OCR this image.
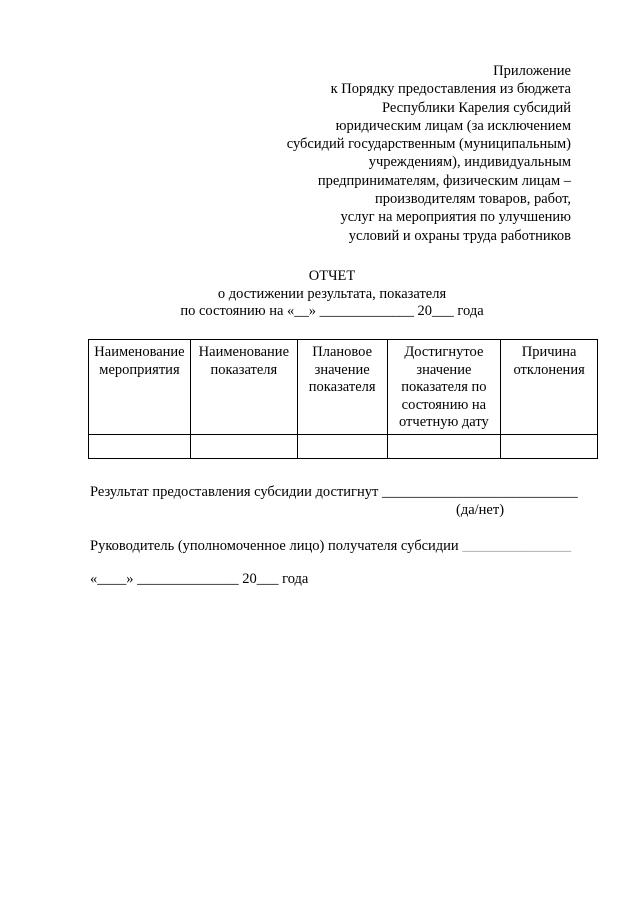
Приложение
к Порядку предоставления из бюджета
Республики Карелия субсидий
юридическим лицам (за исключением
субсидий государственным (муниципальным)
учреждениям), индивидуальным
предпринимателям, физическим лицам –
производителям товаров, работ,
услуг на мероприятия по улучшению
условий и охраны труда работников
ОТЧЕТ
о достижении результата, показателя
по состоянию на «__» _____________ 20___ года
Наименование мероприятия	Наименование показателя	Плановое значение показателя	Достигнутое значение показателя по состоянию на отчетную дату	Причина отклонения

Результат предоставления субсидии достигнут ___________________________
(да/нет)
Руководитель (уполномоченное лицо) получателя субсидии _______________
«____» ______________ 20___ года
